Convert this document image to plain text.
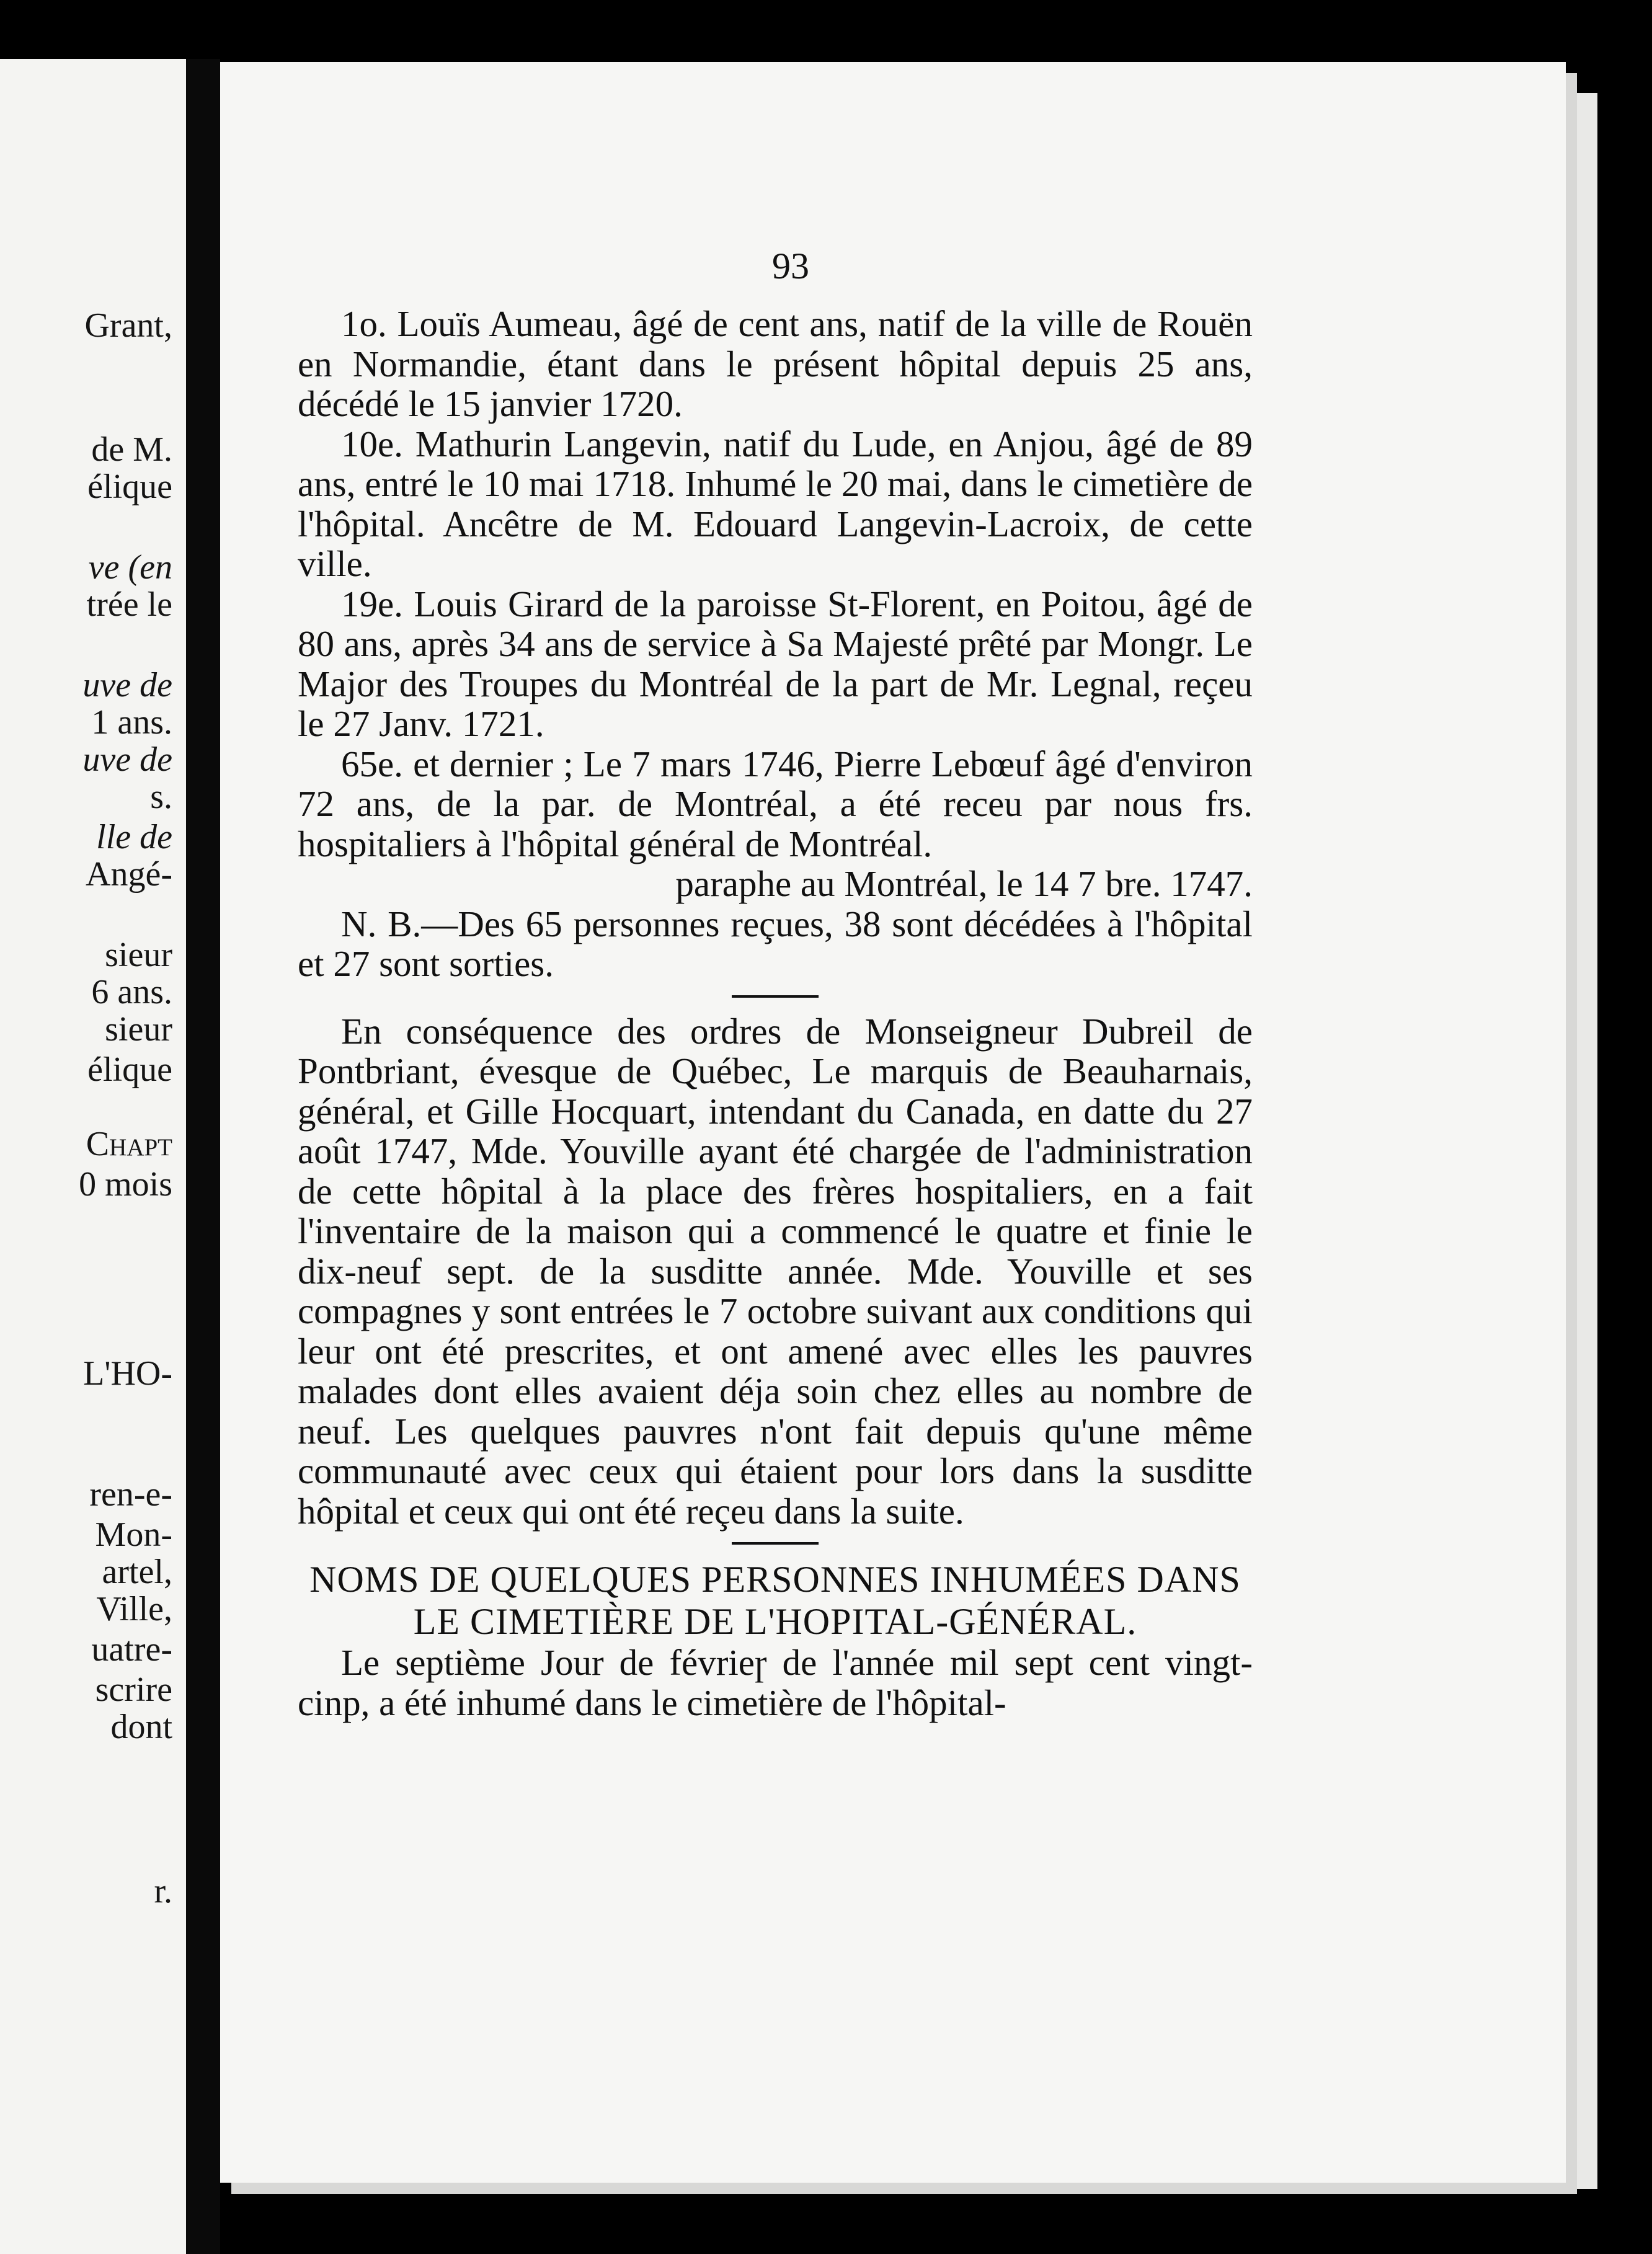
Grant,
de M.
élique
ve (en
trée le
uve de
1 ans.
uve de
s.
lle de
Angé-
sieur
6 ans.
sieur
élique
Chapt
0 mois
L'HO-
ren-e-
Mon-
artel,
Ville,
uatre-
scrire
dont
r.
93

1o. Louïs Aumeau, âgé de cent ans, natif de la ville de Rouën en Normandie, étant dans le présent hôpital depuis 25 ans, décédé le 15 janvier 1720.

10e. Mathurin Langevin, natif du Lude, en Anjou, âgé de 89 ans, entré le 10 mai 1718. Inhumé le 20 mai, dans le cimetière de l'hôpital. Ancêtre de M. Edouard Langevin-Lacroix, de cette ville.

19e. Louis Girard de la paroisse St-Florent, en Poitou, âgé de 80 ans, après 34 ans de service à Sa Majesté prêté par Mongr. Le Major des Troupes du Montréal de la part de Mr. Legnal, reçeu le 27 Janv. 1721.

65e. et dernier ; Le 7 mars 1746, Pierre Lebœuf âgé d'environ 72 ans, de la par. de Montréal, a été receu par nous frs. hospitaliers à l'hôpital général de Montréal.

paraphe au Montréal, le 14 7 bre. 1747.

N. B.—Des 65 personnes reçues, 38 sont décédées à l'hôpital et 27 sont sorties.

En conséquence des ordres de Monseigneur Dubreil de Pontbriant, évesque de Québec, Le marquis de Beauharnais, général, et Gille Hocquart, intendant du Canada, en datte du 27 août 1747, Mde. Youville ayant été chargée de l'administration de cette hôpital à la place des frères hospitaliers, en a fait l'inventaire de la maison qui a commencé le quatre et finie le dix-neuf sept. de la susditte année. Mde. Youville et ses compagnes y sont entrées le 7 octobre suivant aux conditions qui leur ont été prescrites, et ont amené avec elles les pauvres malades dont elles avaient déja soin chez elles au nombre de neuf. Les quelques pauvres n'ont fait depuis qu'une même communauté avec ceux qui étaient pour lors dans la susditte hôpital et ceux qui ont été reçeu dans la suite.

NOMS DE QUELQUES PERSONNES INHUMÉES DANS LE CIMETIÈRE DE L'HOPITAL-GÉNÉRAL.

Le septième Jour de févrieɼ de l'année mil sept cent vingt-cinp, a été inhumé dans le cimetière de l'hôpital-
